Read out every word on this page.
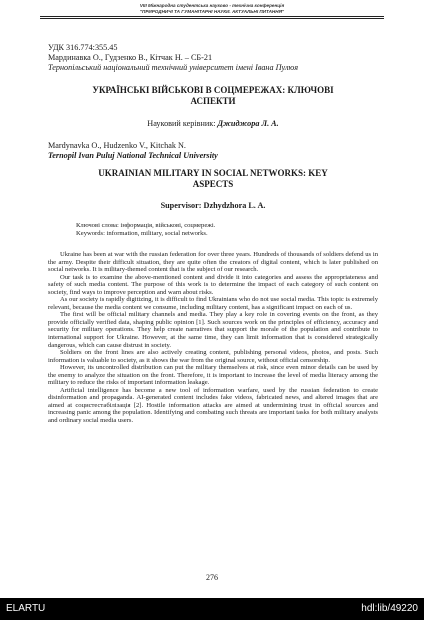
VIII Міжнародна студентська науково - технічна конференція
"ПРИРОДНИЧІ ТА ГУМАНІТАРНІ НАУКИ. АКТУАЛЬНІ ПИТАННЯ"
УДК 316.774:355.45
Мардинавка О., Гудзенко В., Кітчак Н. – СБ-21
Тернопільський національний технічний університет імені Івана Пулюя
УКРАЇНСЬКІ ВІЙСЬКОВІ В СОЦМЕРЕЖАХ: КЛЮЧОВІ
АСПЕКТИ
Науковий керівник: Джиджора Л. А.
Mardynavka O., Hudzenko V., Kitchak N.
Ternopil Ivan Puluj National Technical University
UKRAINIAN MILITARY IN SOCIAL NETWORKS: KEY
ASPECTS
Supervisor: Dzhydzhora L. A.
Ключові слова: інформація, військові, соцмережі.
Keywords: information, military, social networks.

Ukraine has been at war with the russian federation for over three years. Hundreds of thousands of soldiers defend us in the army. Despite their difficult situation, they are quite often the creators of digital content, which is later published on social networks. It is military-themed content that is the subject of our research.

Our task is to examine the above-mentioned content and divide it into categories and assess the appropriateness and safety of such media content. The purpose of this work is to determine the impact of each category of such content on society, find ways to improve perception and warn about risks.

As our society is rapidly digitizing, it is difficult to find Ukrainians who do not use social media. This topic is extremely relevant, because the media content we consume, including military content, has a significant impact on each of us.

The first will be official military channels and media. They play a key role in covering events on the front, as they provide officially verified data, shaping public opinion [1]. Such sources work on the principles of efficiency, accuracy and security for military operations. They help create narratives that support the morale of the population and contribute to international support for Ukraine. However, at the same time, they can limit information that is considered strategically dangerous, which can cause distrust in society.

Soldiers on the front lines are also actively creating content, publishing personal videos, photos, and posts. Such information is valuable to society, as it shows the war from the original source, without official censorship.

However, its uncontrolled distribution can put the military themselves at risk, since even minor details can be used by the enemy to analyze the situation on the front. Therefore, it is important to increase the level of media literacy among the military to reduce the risks of important information leakage.

Artificial intelligence has become a new tool of information warfare, used by the russian federation to create disinformation and propaganda. AI-generated content includes fake videos, fabricated news, and altered images that are aimed at социстестабілізація [2]. Hostile information attacks are aimed at undermining trust in official sources and increasing panic among the population. Identifying and combating such threats are important tasks for both military analysts and ordinary social media users.

276
ELARTU	hdl:lib/49220
